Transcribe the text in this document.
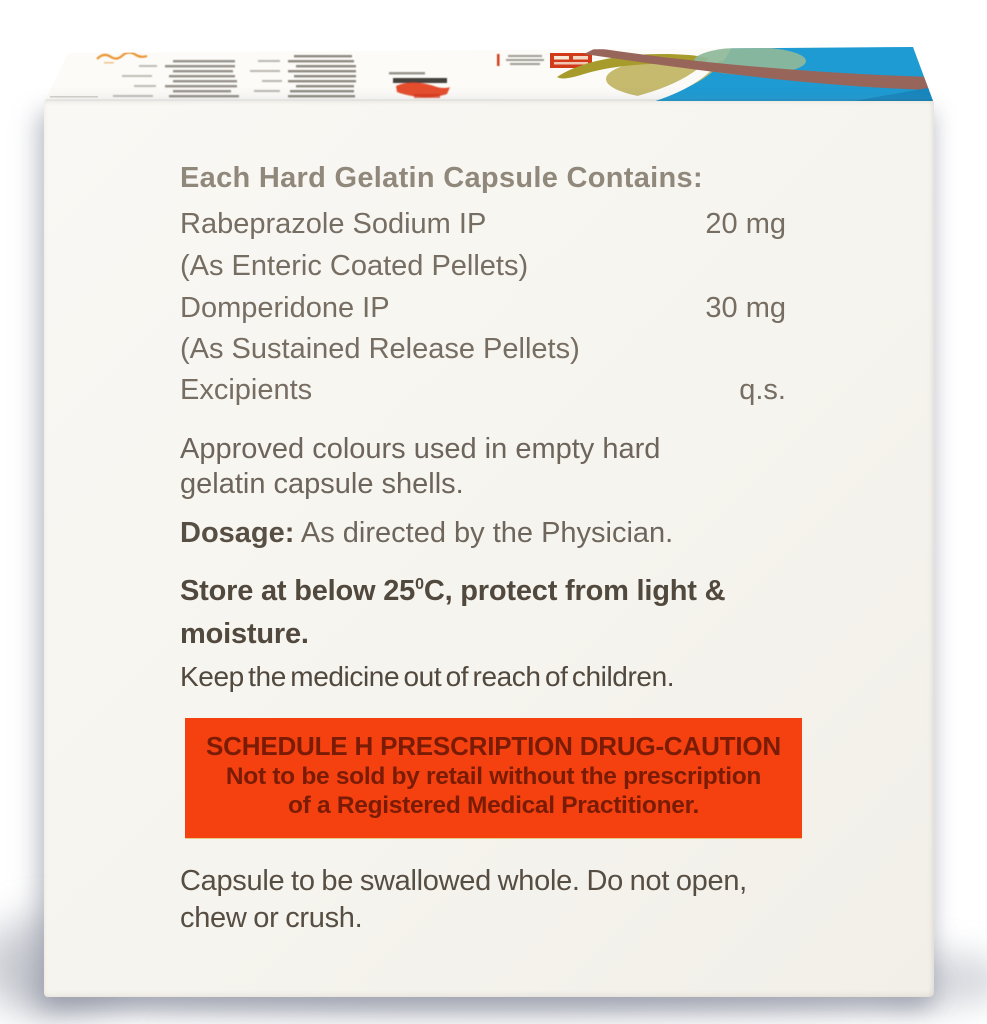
Each Hard Gelatin Capsule Contains:
Rabeprazole Sodium IP	20 mg
(As Enteric Coated Pellets)
Domperidone IP	30 mg
(As Sustained Release Pellets)
Excipients	q.s.
Approved colours used in empty hard
gelatin capsule shells.
Dosage: As directed by the Physician.
Store at below $25^0C$, protect from light &
moisture.
Keep the medicine out of reach of children.
SCHEDULE H PRESCRIPTION DRUG-CAUTION
Not to be sold by retail without the prescription
of a Registered Medical Practitioner.
Capsule to be swallowed whole. Do not open,
chew or crush.
